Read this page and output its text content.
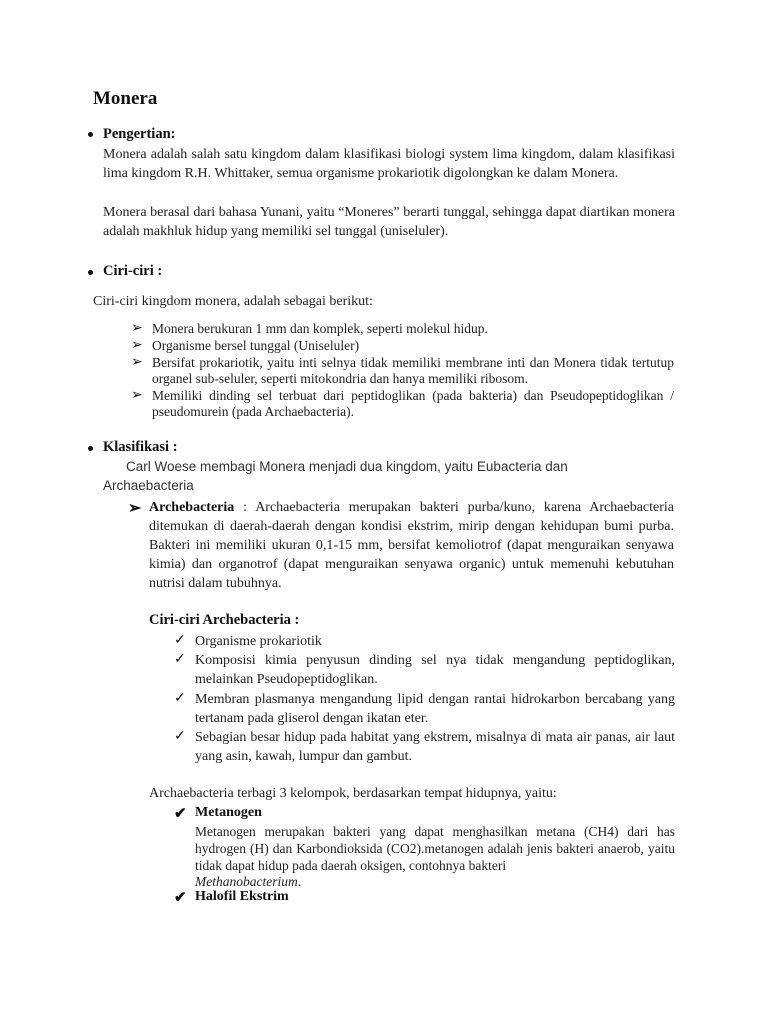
Monera
Pengertian:
Monera adalah salah satu kingdom dalam klasifikasi biologi system lima kingdom, dalam klasifikasi lima kingdom R.H. Whittaker, semua organisme prokariotik digolongkan ke dalam Monera.
Monera berasal dari bahasa Yunani, yaitu “Moneres” berarti tunggal, sehingga dapat diartikan monera adalah makhluk hidup yang memiliki sel tunggal (uniseluler).
Ciri-ciri :
Ciri-ciri kingdom monera, adalah sebagai berikut:
➢ Monera berukuran 1 mm dan komplek, seperti molekul hidup.
➢ Organisme bersel tunggal (Uniseluler)
➢ Bersifat prokariotik, yaitu inti selnya tidak memiliki membrane inti dan Monera tidak tertutup organel sub-seluler, seperti mitokondria dan hanya memiliki ribosom.
➢ Memiliki dinding sel terbuat dari peptidoglikan (pada bakteria) dan Pseudopeptidoglikan / pseudomurein (pada Archaebacteria).
Klasifikasi :
Carl Woese membagi Monera menjadi dua kingdom, yaitu Eubacteria dan
Archaebacteria
➢ Archebacteria : Archaebacteria merupakan bakteri purba/kuno, karena Archaebacteria ditemukan di daerah-daerah dengan kondisi ekstrim, mirip dengan kehidupan bumi purba. Bakteri ini memiliki ukuran 0,1-15 mm, bersifat kemoliotrof (dapat menguraikan senyawa kimia) dan organotrof (dapat menguraikan senyawa organic) untuk memenuhi kebutuhan nutrisi dalam tubuhnya.
Ciri-ciri Archebacteria :
✓ Organisme prokariotik
✓ Komposisi kimia penyusun dinding sel nya tidak mengandung peptidoglikan, melainkan Pseudopeptidoglikan.
✓ Membran plasmanya mengandung lipid dengan rantai hidrokarbon bercabang yang tertanam pada gliserol dengan ikatan eter.
✓ Sebagian besar hidup pada habitat yang ekstrem, misalnya di mata air panas, air laut yang asin, kawah, lumpur dan gambut.
Archaebacteria terbagi 3 kelompok, berdasarkan tempat hidupnya, yaitu:
✔ Metanogen
Metanogen merupakan bakteri yang dapat menghasilkan metana (CH4) dari has hydrogen (H) dan Karbondioksida (CO2).metanogen adalah jenis bakteri anaerob, yaitu tidak dapat hidup pada daerah oksigen, contohnya bakteri
Methanobacterium.
✔ Halofil Ekstrim
